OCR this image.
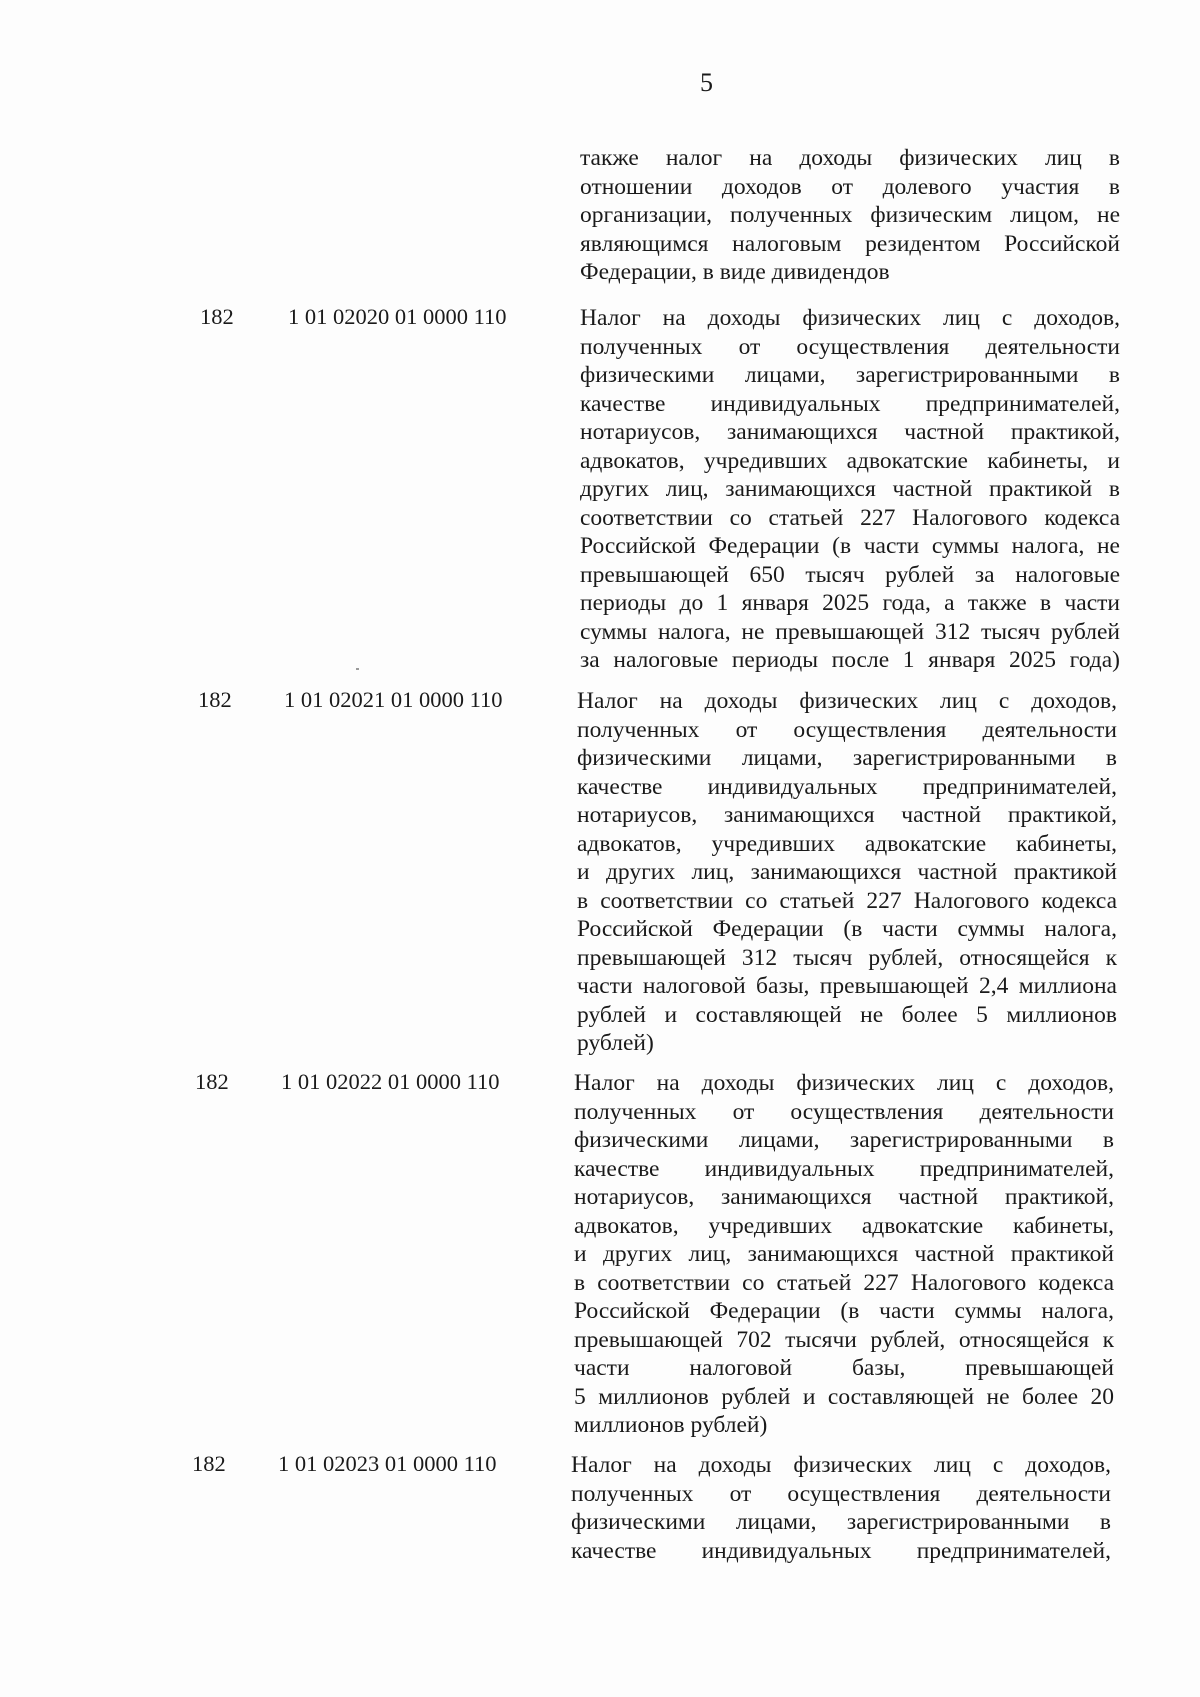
5
также налог на доходы физических лиц в
отношении доходов от долевого участия в
организации, полученных физическим лицом, не
являющимся налоговым резидентом Российской
Федерации, в виде дивидендов
182 1 01 02020 01 0000 110	Налог на доходы физических лиц с доходов,
полученных от осуществления деятельности
физическими лицами, зарегистрированными в
качестве индивидуальных предпринимателей,
нотариусов, занимающихся частной практикой,
адвокатов, учредивших адвокатские кабинеты, и
других лиц, занимающихся частной практикой в
соответствии со статьей 227 Налогового кодекса
Российской Федерации (в части суммы налога, не
превышающей 650 тысяч рублей за налоговые
периоды до 1 января 2025 года, а также в части
суммы налога, не превышающей 312 тысяч рублей
за налоговые периоды после 1 января 2025 года)
182 1 01 02021 01 0000 110	Налог на доходы физических лиц с доходов,
полученных от осуществления деятельности
физическими лицами, зарегистрированными в
качестве индивидуальных предпринимателей,
нотариусов, занимающихся частной практикой,
адвокатов, учредивших адвокатские кабинеты,
и других лиц, занимающихся частной практикой
в соответствии со статьей 227 Налогового кодекса
Российской Федерации (в части суммы налога,
превышающей 312 тысяч рублей, относящейся к
части налоговой базы, превышающей 2,4 миллиона
рублей и составляющей не более 5 миллионов
рублей)
182 1 01 02022 01 0000 110	Налог на доходы физических лиц с доходов,
полученных от осуществления деятельности
физическими лицами, зарегистрированными в
качестве индивидуальных предпринимателей,
нотариусов, занимающихся частной практикой,
адвокатов, учредивших адвокатские кабинеты,
и других лиц, занимающихся частной практикой
в соответствии со статьей 227 Налогового кодекса
Российской Федерации (в части суммы налога,
превышающей 702 тысячи рублей, относящейся к
части налоговой базы, превышающей
5 миллионов рублей и составляющей не более 20
миллионов рублей)
182 1 01 02023 01 0000 110	Налог на доходы физических лиц с доходов,
полученных от осуществления деятельности
физическими лицами, зарегистрированными в
качестве индивидуальных предпринимателей,
